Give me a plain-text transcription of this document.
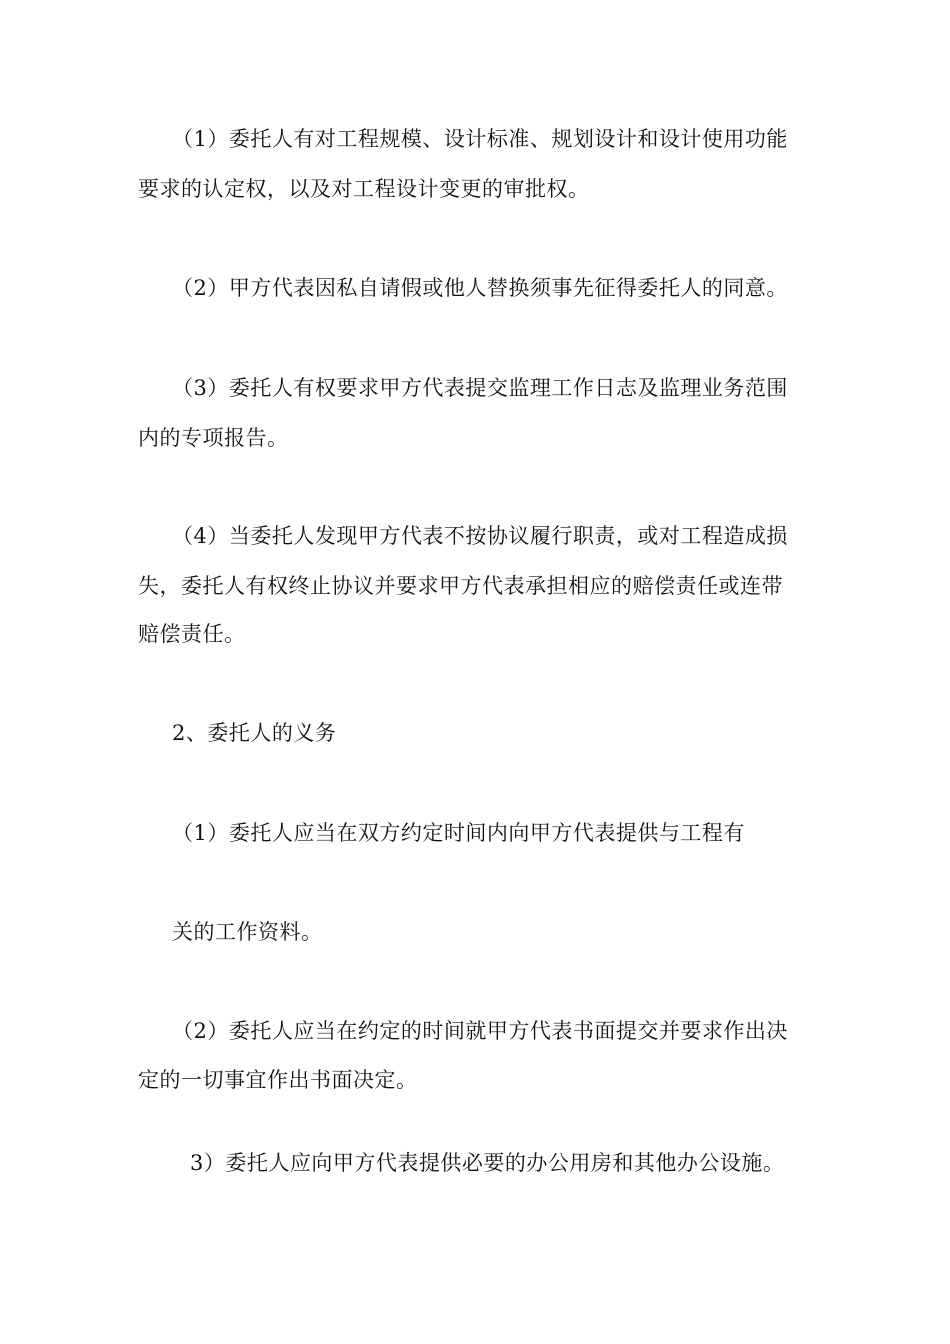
（1）委托人有对工程规模、设计标准、规划设计和设计使用功能
要求的认定权，以及对工程设计变更的审批权。
（2）甲方代表因私自请假或他人替换须事先征得委托人的同意。
（3）委托人有权要求甲方代表提交监理工作日志及监理业务范围
内的专项报告。
（4）当委托人发现甲方代表不按协议履行职责，或对工程造成损
失，委托人有权终止协议并要求甲方代表承担相应的赔偿责任或连带
赔偿责任。
2、委托人的义务
（1）委托人应当在双方约定时间内向甲方代表提供与工程有
关的工作资料。
（2）委托人应当在约定的时间就甲方代表书面提交并要求作出决
定的一切事宜作出书面决定。
3）委托人应向甲方代表提供必要的办公用房和其他办公设施。
